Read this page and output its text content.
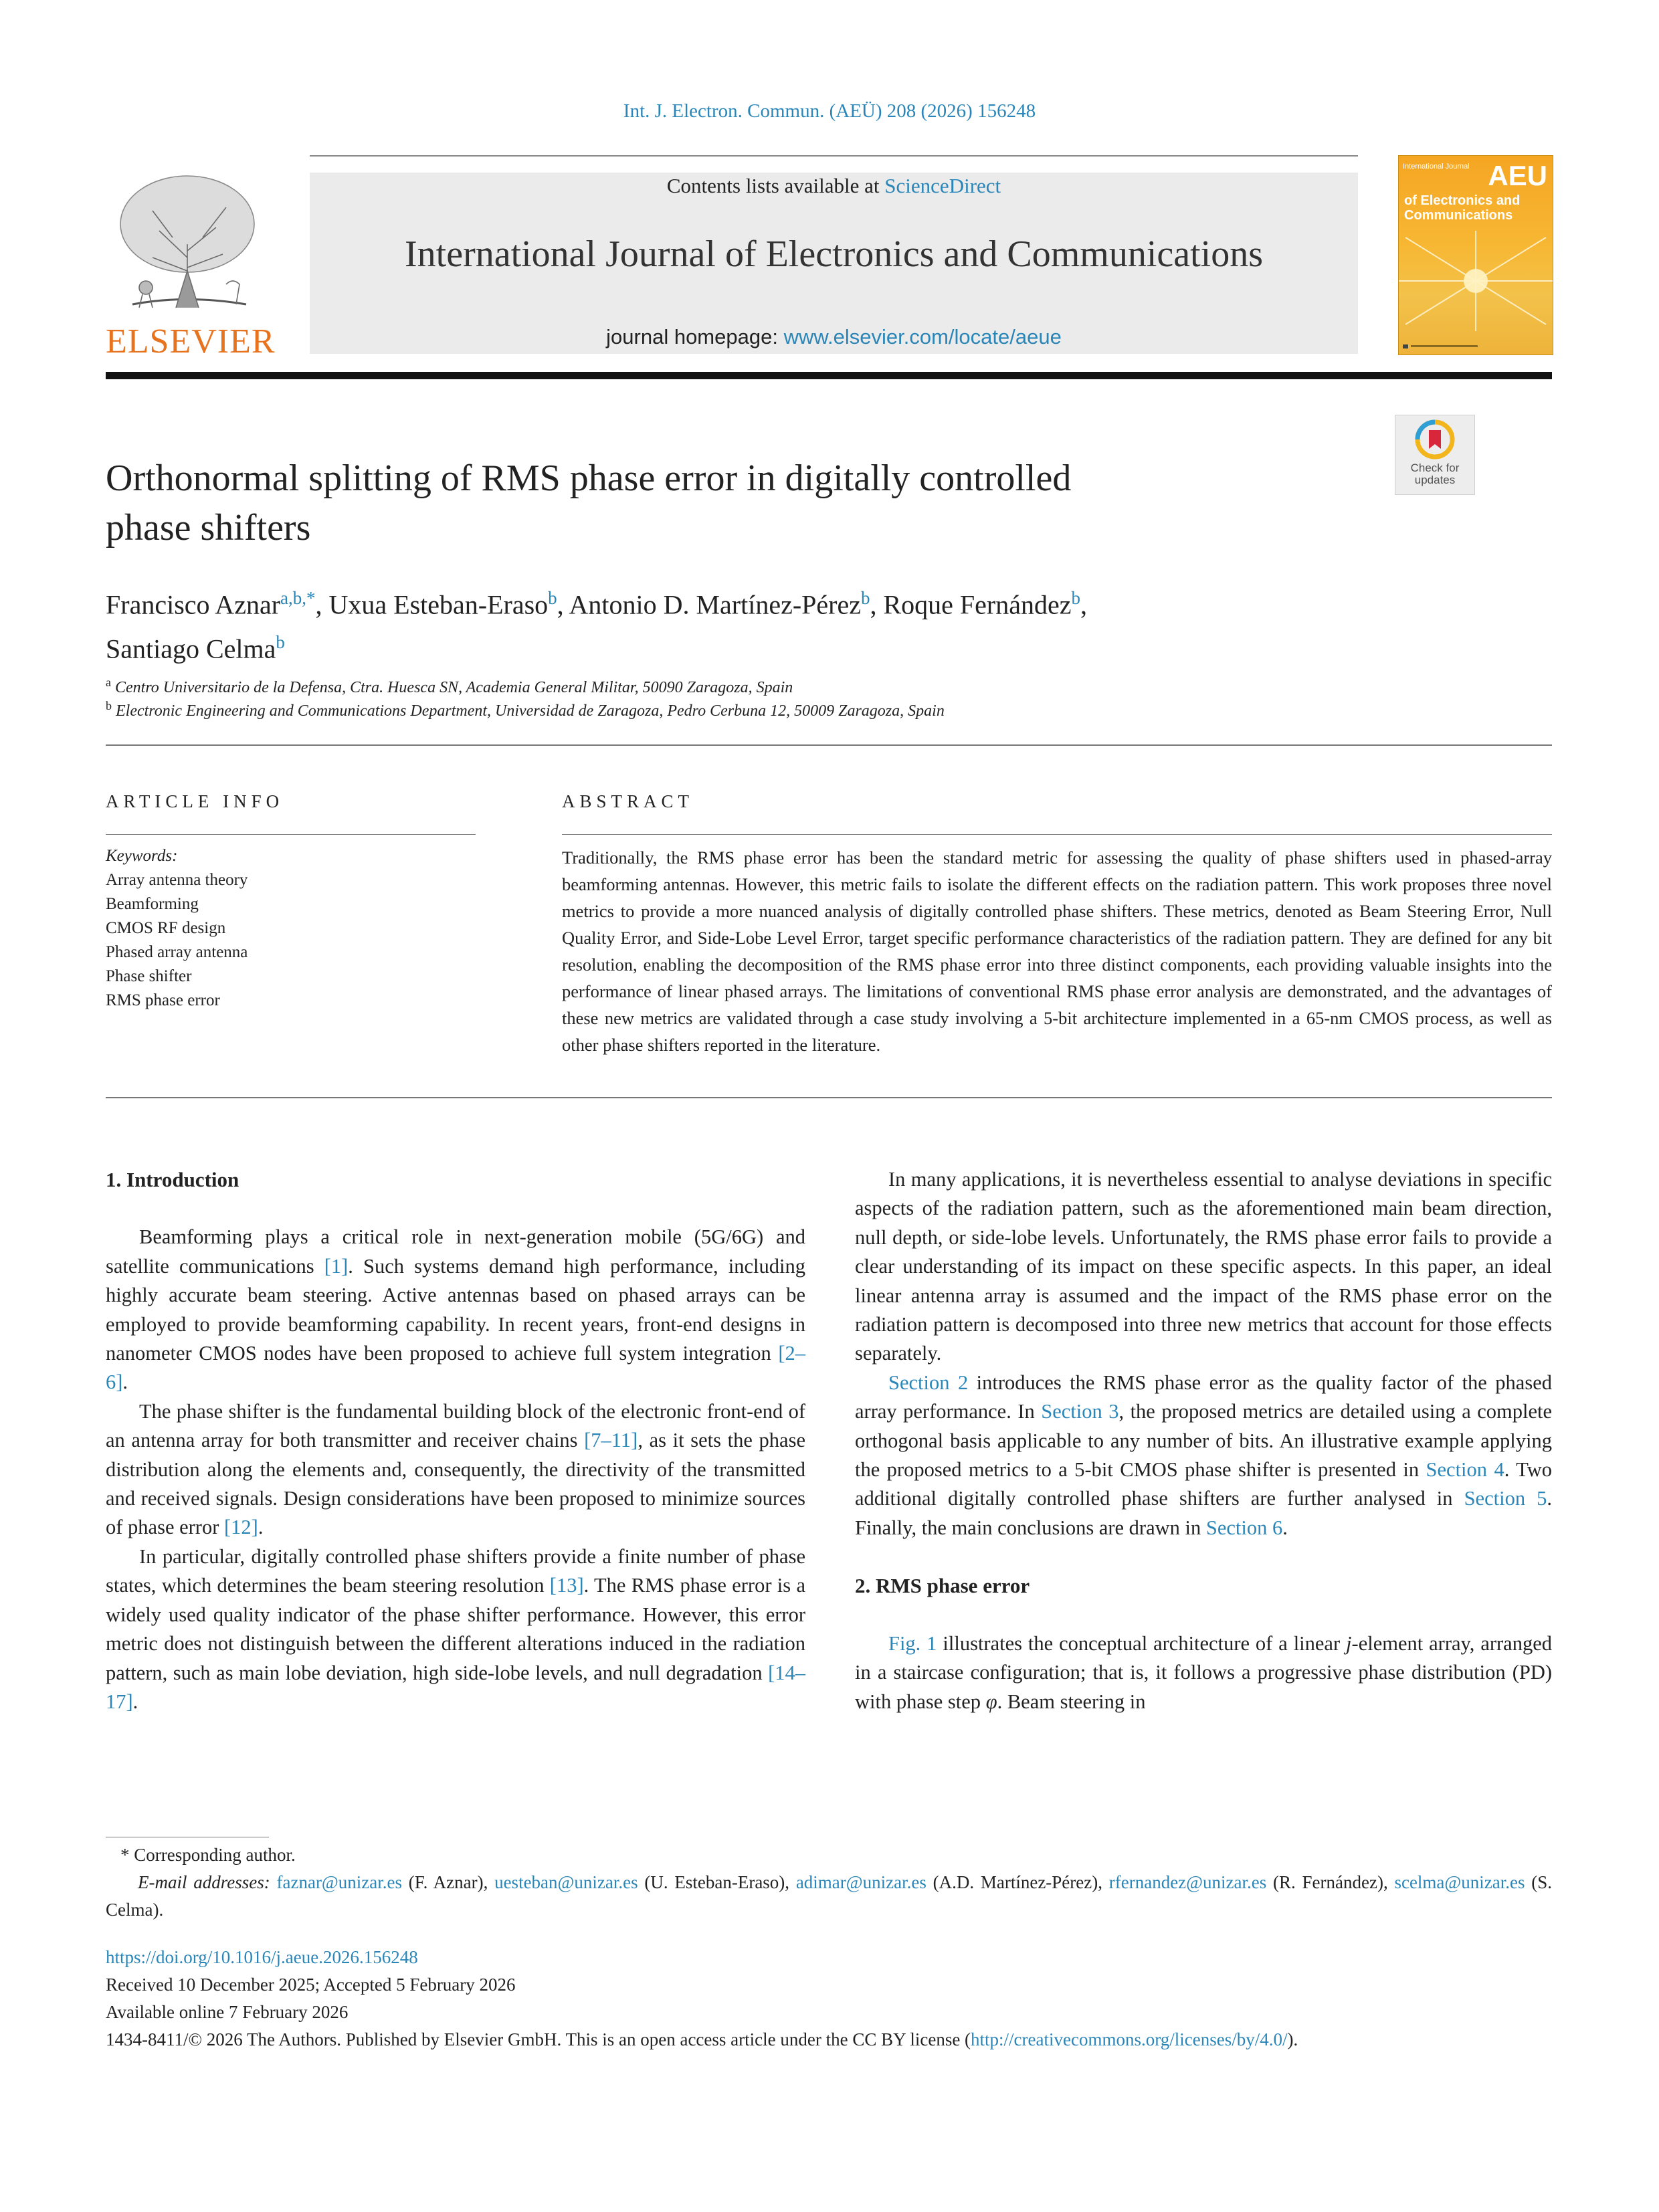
Int. J. Electron. Commun. (AEÜ) 208 (2026) 156248
ELSEVIER
Contents lists available at ScienceDirect
International Journal of Electronics and Communications
journal homepage: www.elsevier.com/locate/aeue
International Journal AEU
of Electronics and
Communications
Check for
updates
Orthonormal splitting of RMS phase error in digitally controlled
phase shifters
Francisco Aznar$^{a,b,*}$, Uxua Esteban-Eraso$^b$, Antonio D. Martínez-Pérez$^b$, Roque Fernández$^b$,
Santiago Celma$^b$
$^a$ Centro Universitario de la Defensa, Ctra. Huesca SN, Academia General Militar, 50090 Zaragoza, Spain
$^b$ Electronic Engineering and Communications Department, Universidad de Zaragoza, Pedro Cerbuna 12, 50009 Zaragoza, Spain
ARTICLE INFO	ABSTRACT
Keywords:
Array antenna theory
Beamforming
CMOS RF design
Phased array antenna
Phase shifter
RMS phase error
Traditionally, the RMS phase error has been the standard metric for assessing the quality of phase shifters used in phased-array beamforming antennas. However, this metric fails to isolate the different effects on the radiation pattern. This work proposes three novel metrics to provide a more nuanced analysis of digitally controlled phase shifters. These metrics, denoted as Beam Steering Error, Null Quality Error, and Side-Lobe Level Error, target specific performance characteristics of the radiation pattern. They are defined for any bit resolution, enabling the decomposition of the RMS phase error into three distinct components, each providing valuable insights into the performance of linear phased arrays. The limitations of conventional RMS phase error analysis are demonstrated, and the advantages of these new metrics are validated through a case study involving a 5-bit architecture implemented in a 65-nm CMOS process, as well as other phase shifters reported in the literature.
1. Introduction

Beamforming plays a critical role in next-generation mobile (5G/6G) and satellite communications [1]. Such systems demand high performance, including highly accurate beam steering. Active antennas based on phased arrays can be employed to provide beamforming capability. In recent years, front-end designs in nanometer CMOS nodes have been proposed to achieve full system integration [2–6].

The phase shifter is the fundamental building block of the electronic front-end of an antenna array for both transmitter and receiver chains [7–11], as it sets the phase distribution along the elements and, consequently, the directivity of the transmitted and received signals. Design considerations have been proposed to minimize sources of phase error [12].

In particular, digitally controlled phase shifters provide a finite number of phase states, which determines the beam steering resolution [13]. The RMS phase error is a widely used quality indicator of the phase shifter performance. However, this error metric does not distinguish between the different alterations induced in the radiation pattern, such as main lobe deviation, high side-lobe levels, and null degradation [14–17].

In many applications, it is nevertheless essential to analyse deviations in specific aspects of the radiation pattern, such as the aforementioned main beam direction, null depth, or side-lobe levels. Unfortunately, the RMS phase error fails to provide a clear understanding of its impact on these specific aspects. In this paper, an ideal linear antenna array is assumed and the impact of the RMS phase error on the radiation pattern is decomposed into three new metrics that account for those effects separately.

Section 2 introduces the RMS phase error as the quality factor of the phased array performance. In Section 3, the proposed metrics are detailed using a complete orthogonal basis applicable to any number of bits. An illustrative example applying the proposed metrics to a 5-bit CMOS phase shifter is presented in Section 4. Two additional digitally controlled phase shifters are further analysed in Section 5. Finally, the main conclusions are drawn in Section 6.

2. RMS phase error

Fig. 1 illustrates the conceptual architecture of a linear j-element array, arranged in a staircase configuration; that is, it follows a progressive phase distribution (PD) with phase step φ. Beam steering in

* Corresponding author.
E-mail addresses: faznar@unizar.es (F. Aznar), uesteban@unizar.es (U. Esteban-Eraso), adimar@unizar.es (A.D. Martínez-Pérez), rfernandez@unizar.es (R. Fernández), scelma@unizar.es (S. Celma).
https://doi.org/10.1016/j.aeue.2026.156248
Received 10 December 2025; Accepted 5 February 2026
Available online 7 February 2026
1434-8411/© 2026 The Authors. Published by Elsevier GmbH. This is an open access article under the CC BY license (http://creativecommons.org/licenses/by/4.0/).
